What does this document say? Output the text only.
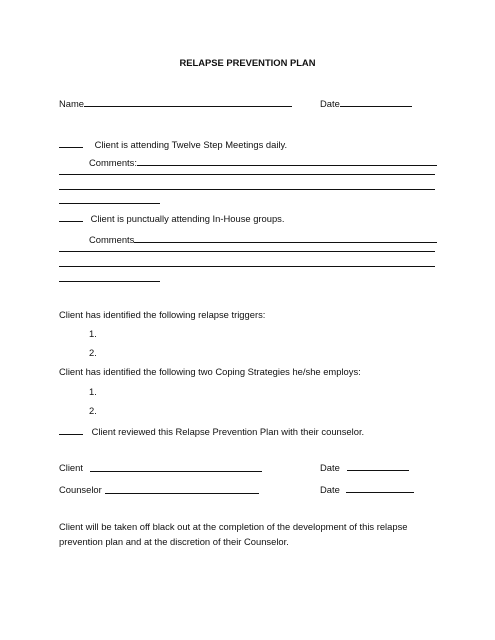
RELAPSE PREVENTION PLAN
Name	Date
Client is attending Twelve Step Meetings daily.
Comments:
Client is punctually attending In-House groups.
Comments
Client has identified the following relapse triggers:
1.
2.
Client has identified the following two Coping Strategies he/she employs:
1.
2.
Client reviewed this Relapse Prevention Plan with their counselor.
Client	Date
Counselor	Date
Client will be taken off black out at the completion of the development of this relapse prevention plan and at the discretion of their Counselor.
